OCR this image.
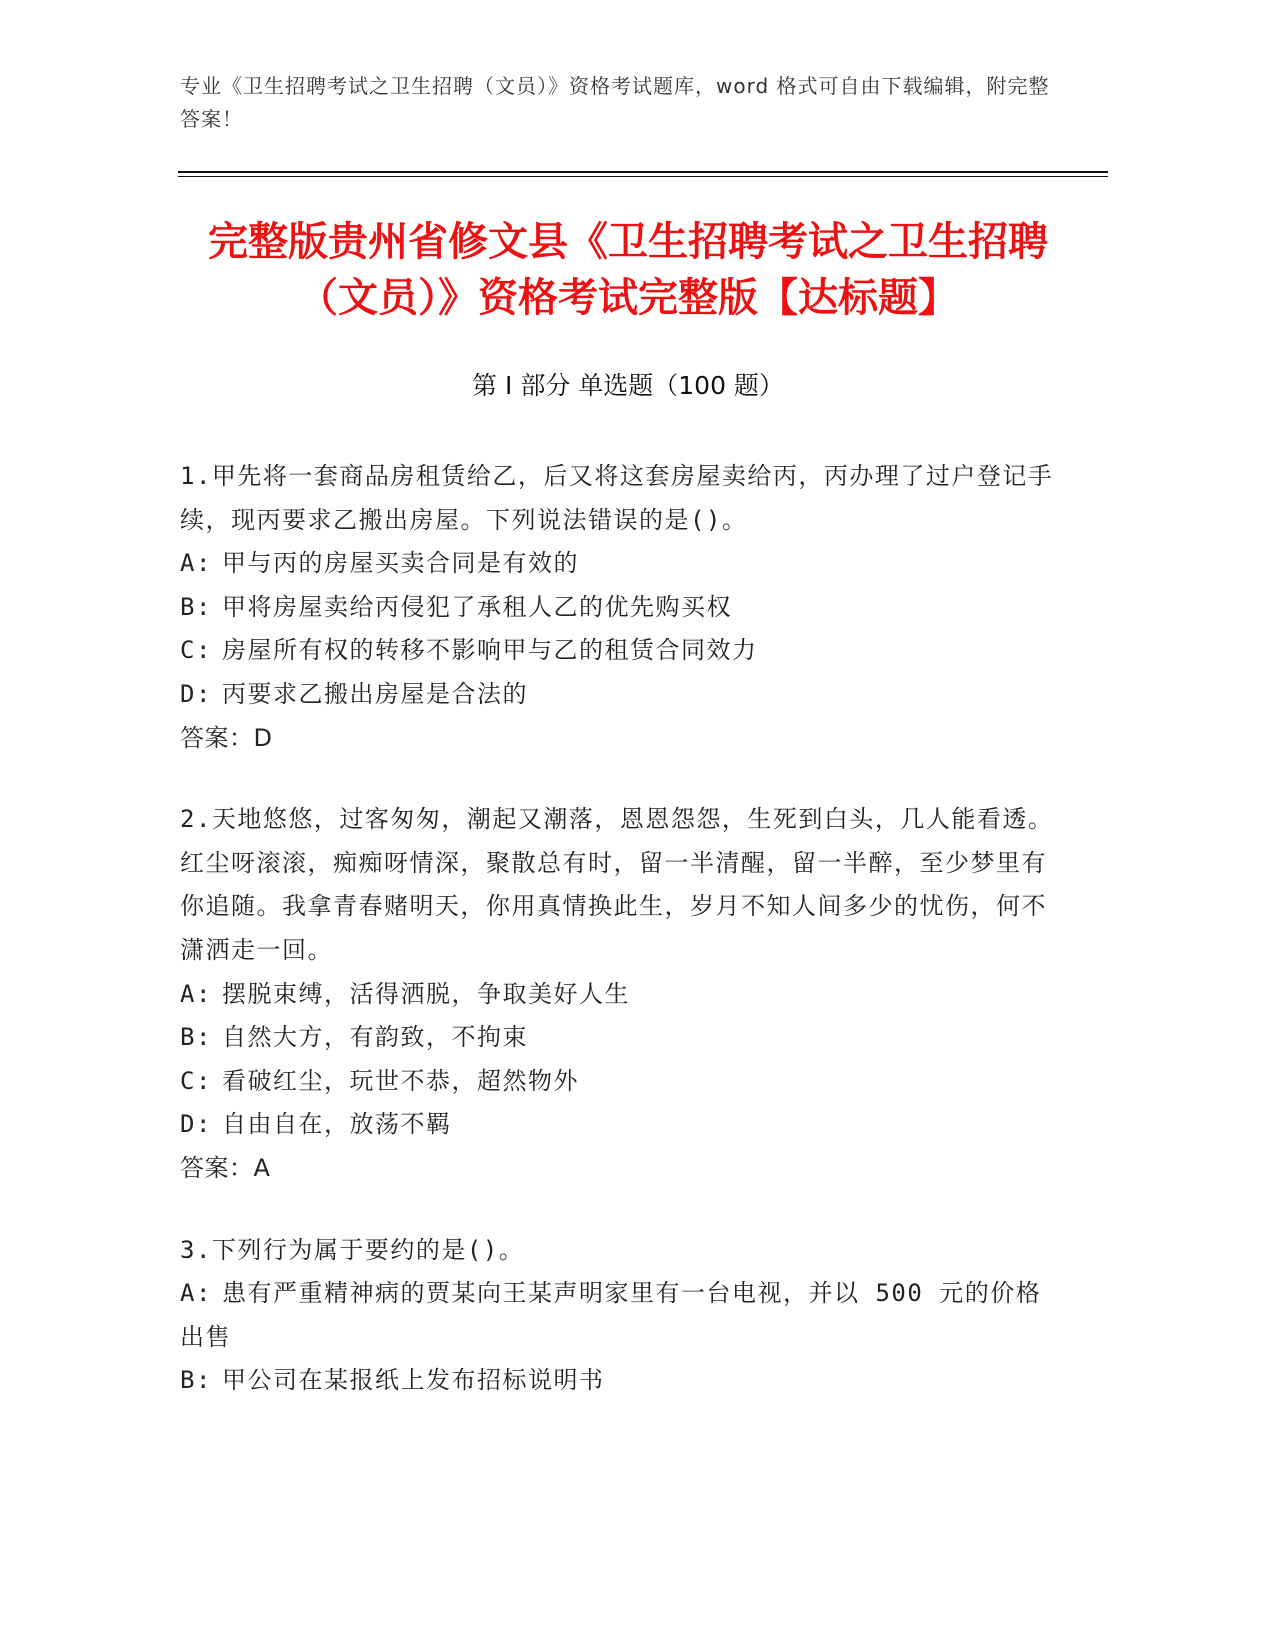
专业《卫生招聘考试之卫生招聘（文员）》资格考试题库，word 格式可自由下载编辑，附完整答案！
完整版贵州省修文县《卫生招聘考试之卫生招聘（文员）》资格考试完整版【达标题】
第 I 部分 单选题（100 题）

1.甲先将一套商品房租赁给乙，后又将这套房屋卖给丙，丙办理了过户登记手续，现丙要求乙搬出房屋。下列说法错误的是()。

A: 甲与丙的房屋买卖合同是有效的

B: 甲将房屋卖给丙侵犯了承租人乙的优先购买权

C: 房屋所有权的转移不影响甲与乙的租赁合同效力

D: 丙要求乙搬出房屋是合法的

答案：D

2.天地悠悠，过客匆匆，潮起又潮落，恩恩怨怨，生死到白头，几人能看透。红尘呀滚滚，痴痴呀情深，聚散总有时，留一半清醒，留一半醉，至少梦里有你追随。我拿青春赌明天，你用真情换此生，岁月不知人间多少的忧伤，何不潇洒走一回。

A: 摆脱束缚，活得洒脱，争取美好人生

B: 自然大方，有韵致，不拘束

C: 看破红尘，玩世不恭，超然物外

D: 自由自在，放荡不羁

答案：A

3.下列行为属于要约的是()。

A: 患有严重精神病的贾某向王某声明家里有一台电视，并以 500 元的价格出售

B: 甲公司在某报纸上发布招标说明书
